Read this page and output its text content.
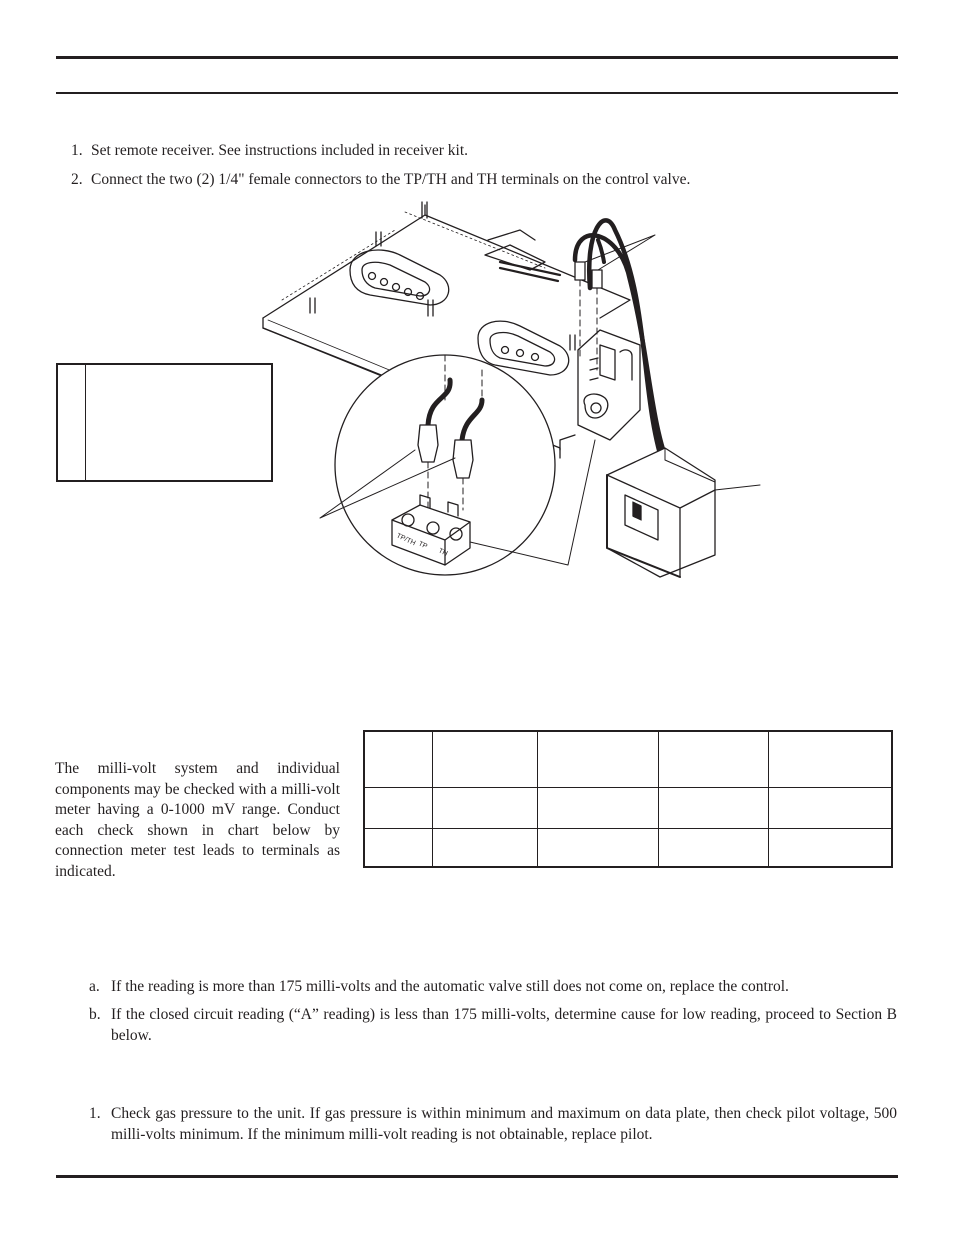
1. Set remote receiver. See instructions included in receiver kit.
2. Connect the two (2) 1/4" female connectors to the TP/TH and TH terminals on the control valve.
TP/TH TP
TH
The milli-volt system and individual components may be checked with a milli-volt meter having a 0-1000 mV range. Conduct each check shown in chart below by connection meter test leads to terminals as indicated.

a. If the reading is more than 175 milli-volts and the automatic valve still does not come on, replace the control.
b. If the closed circuit reading (“A” reading) is less than 175 milli-volts, determine cause for low reading, proceed to Section B below.
1. Check gas pressure to the unit. If gas pressure is within minimum and maximum on data plate, then check pilot voltage, 500 milli-volts minimum. If the minimum milli-volt reading is not obtainable, replace pilot.
